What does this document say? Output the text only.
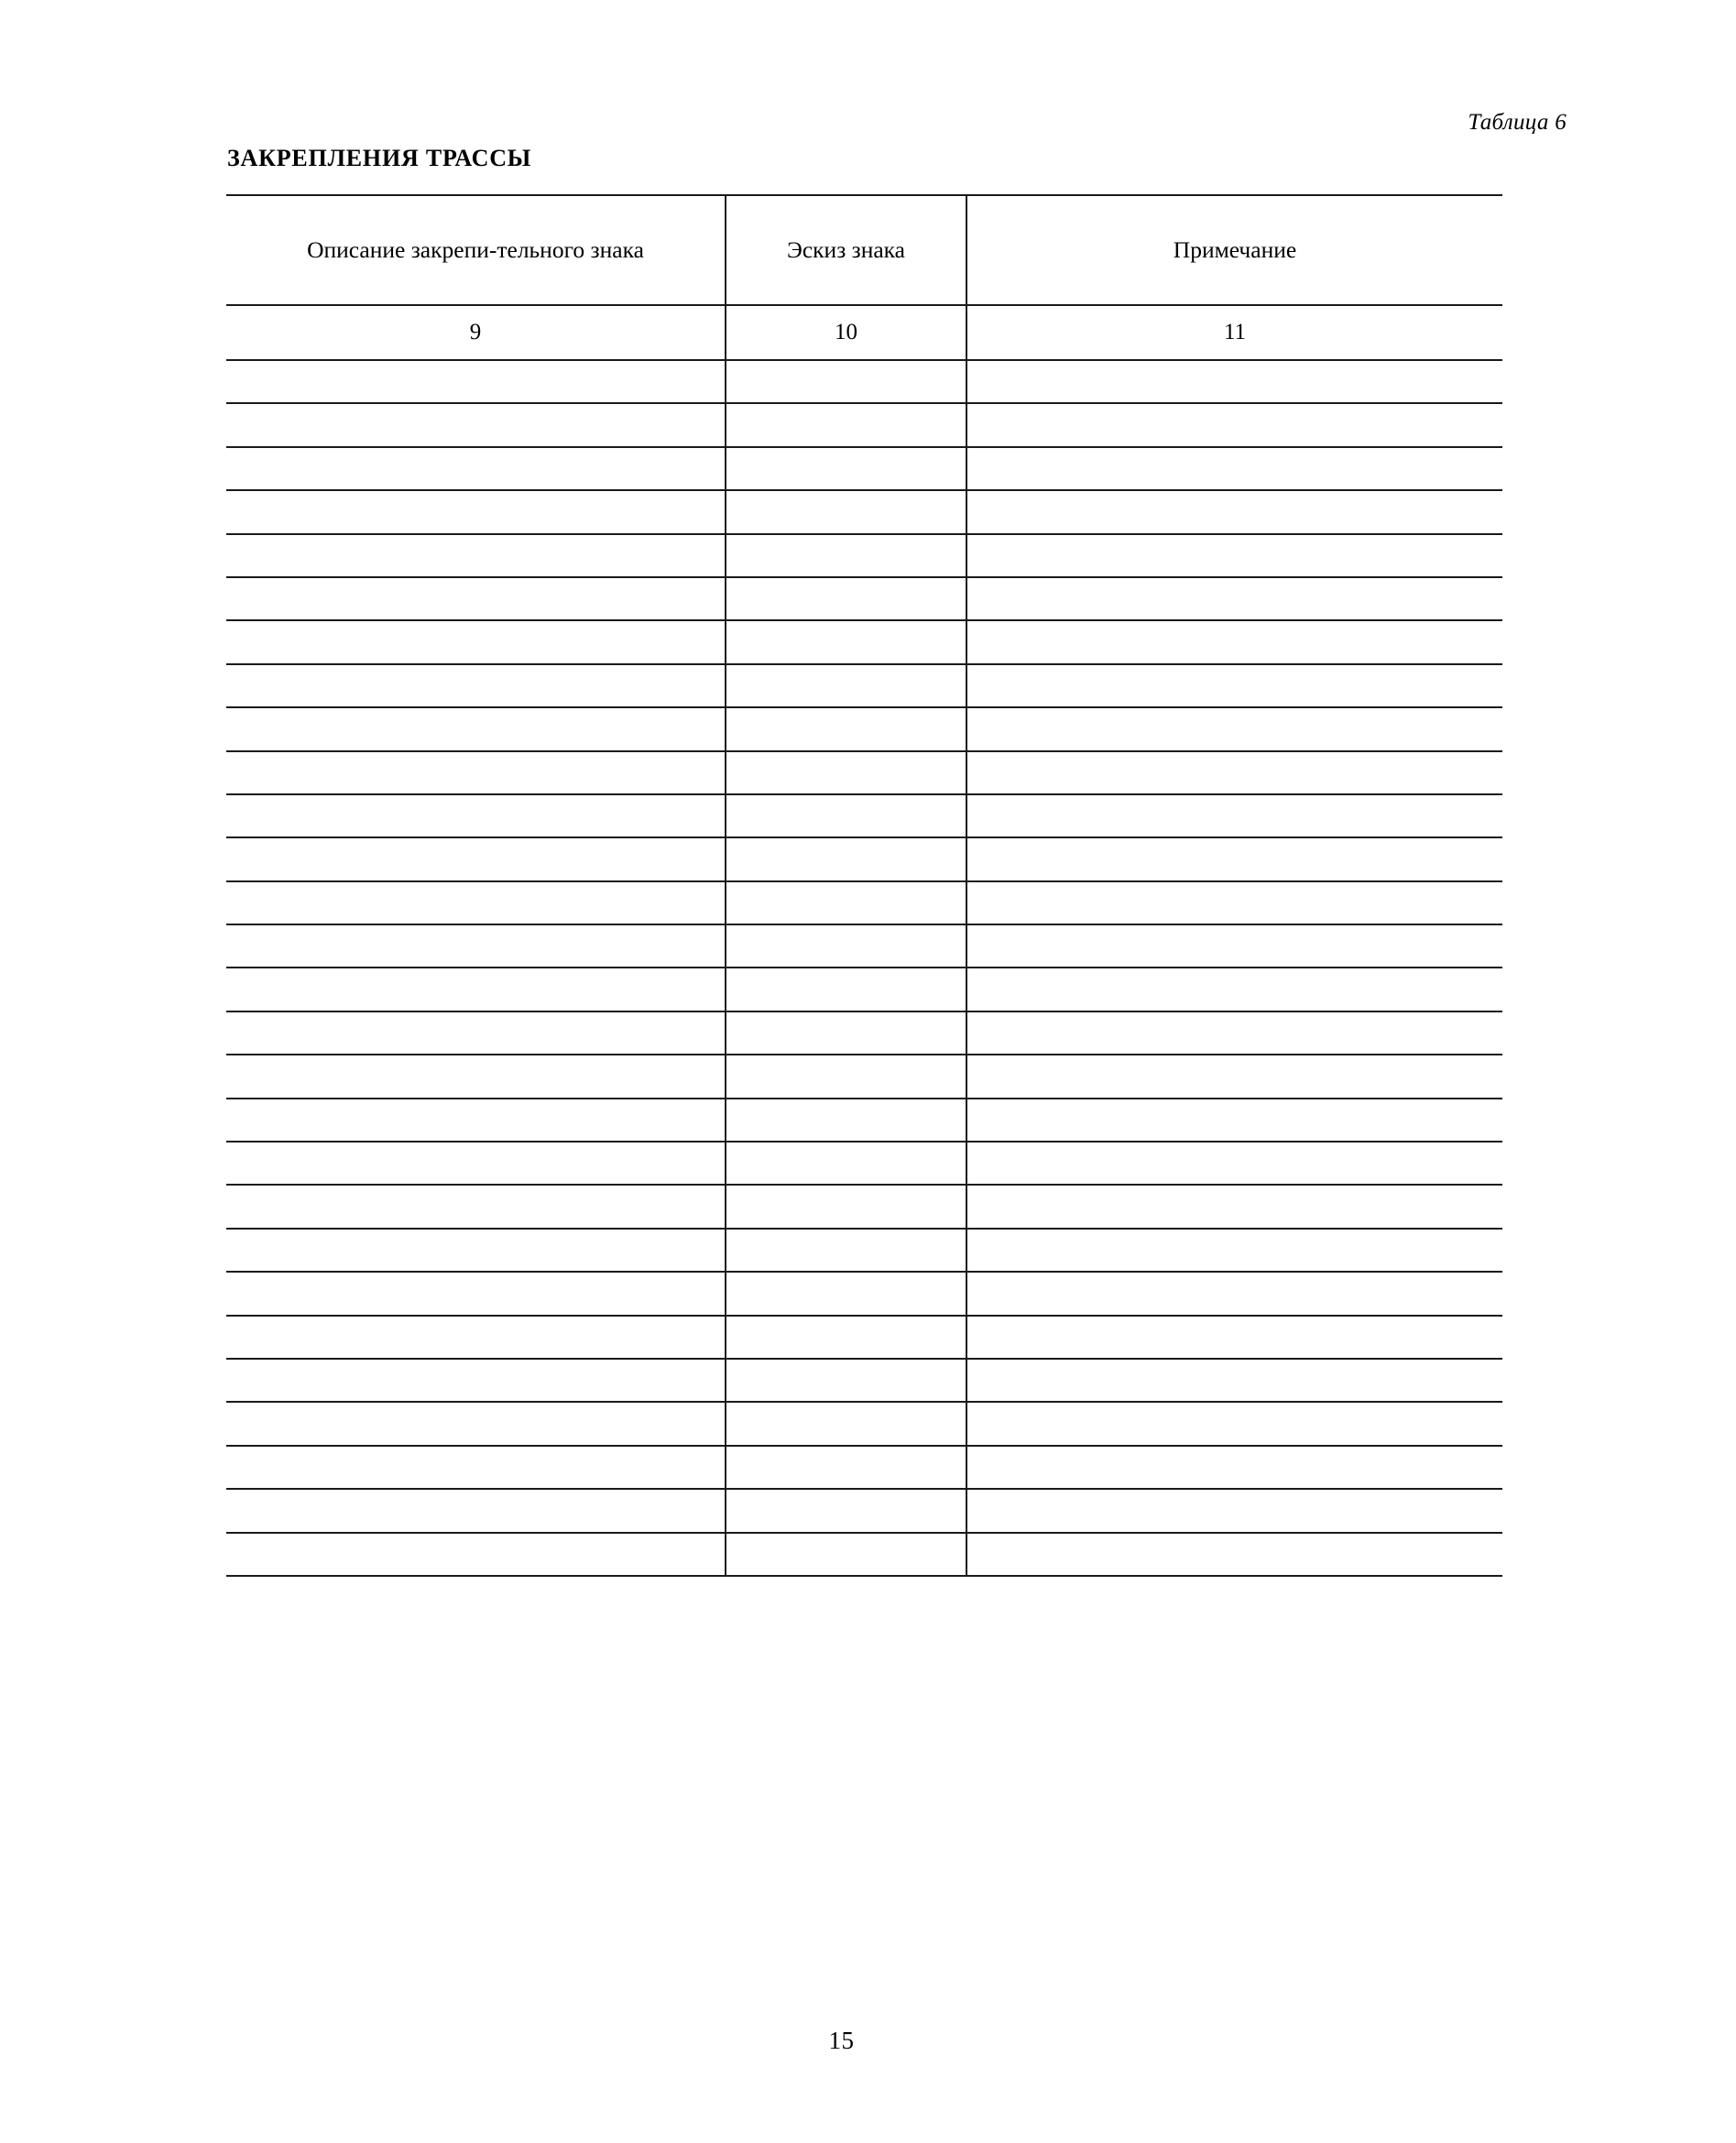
Таблица 6
ЗАКРЕПЛЕНИЯ ТРАССЫ
Описание закрепи-тельного знака	Эскиз знака	Примечание
9	10	11

15
